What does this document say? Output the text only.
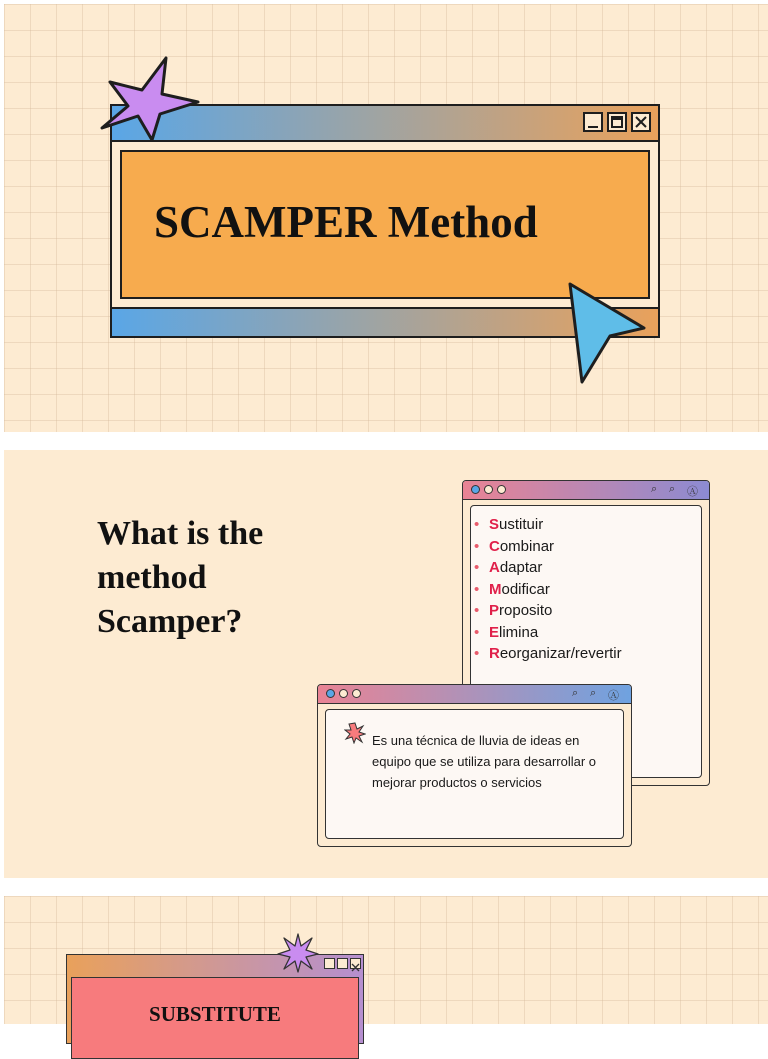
SCAMPER Method
What is the
method
Scamper?
⌕ ⌕ Ⓐ
• Sustituir
• Combinar
• Adaptar
• Modificar
• Proposito
• Elimina
• Reorganizar/revertir
⌕ ⌕ Ⓐ

Es una técnica de lluvia de ideas en equipo que se utiliza para desarrollar o mejorar productos o servicios

SUBSTITUTE
